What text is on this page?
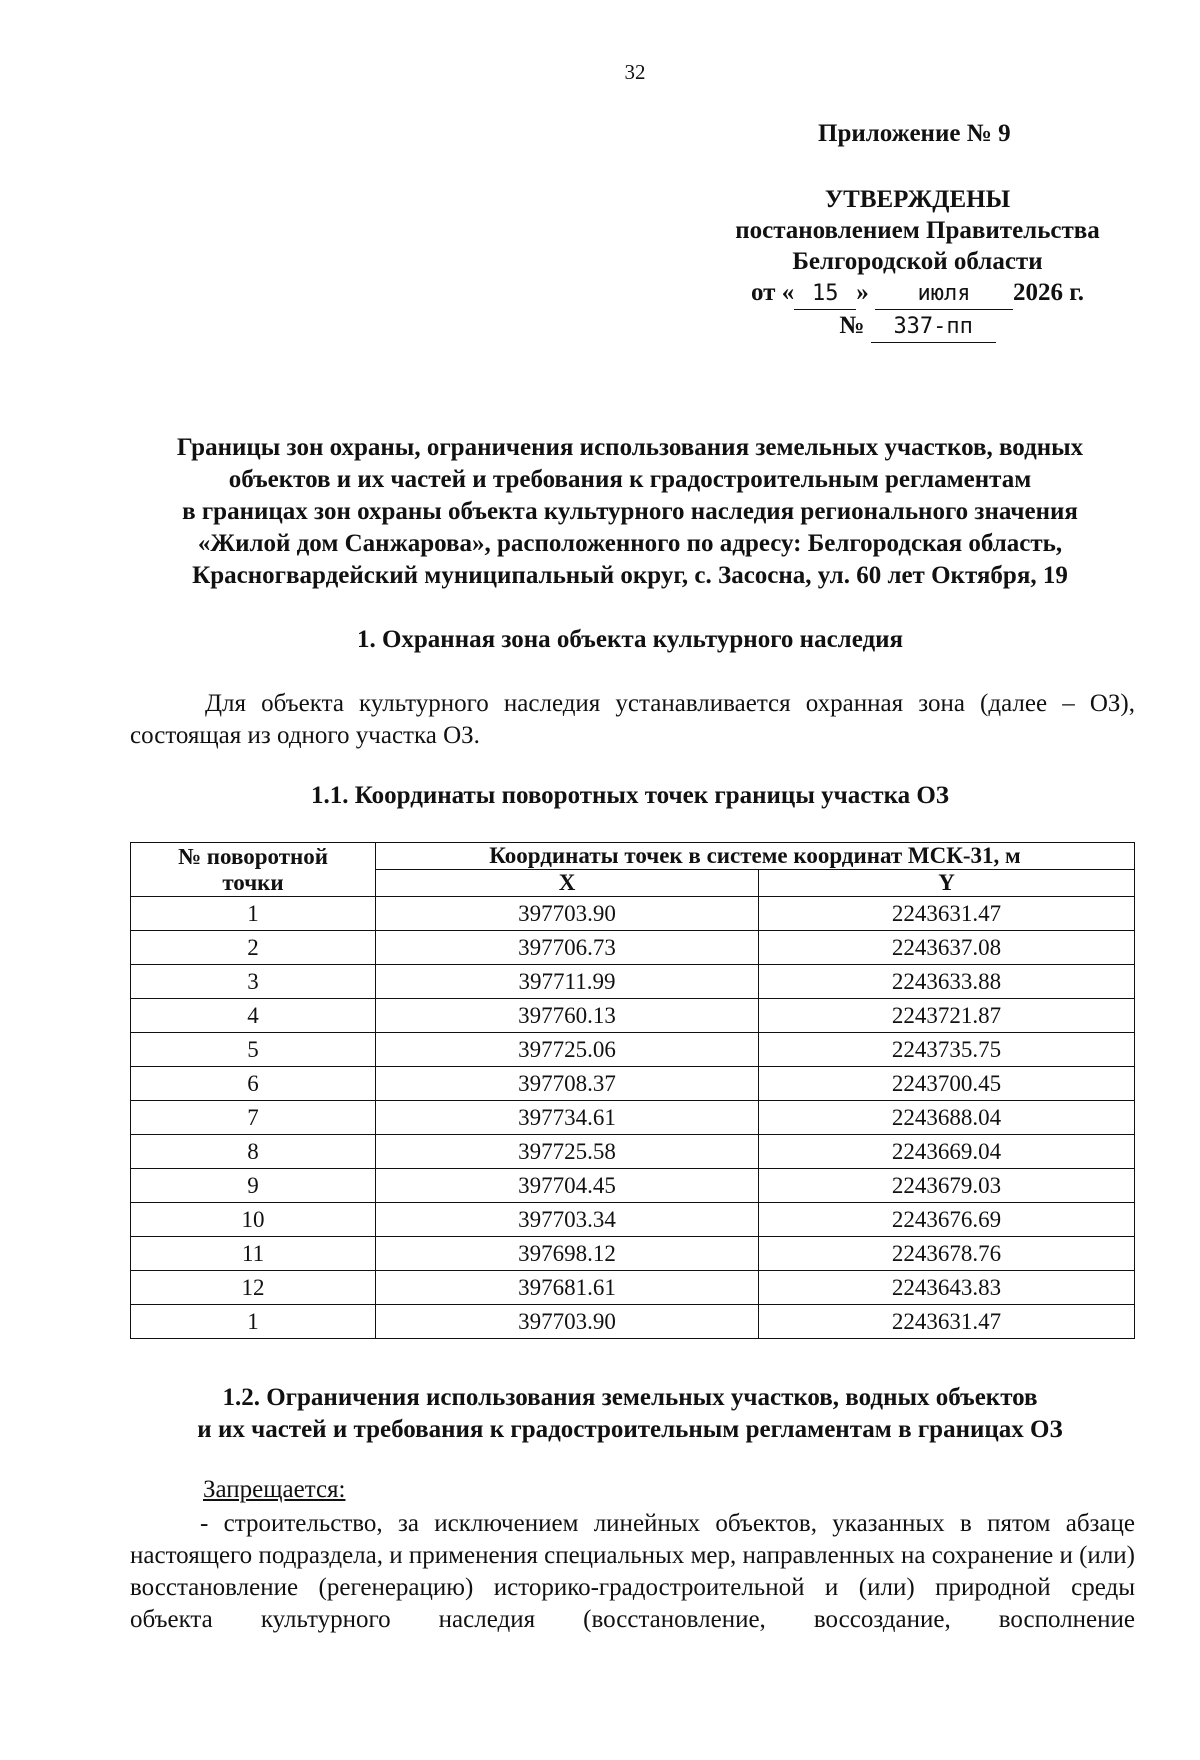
32
Приложение № 9
УТВЕРЖДЕНЫ
постановлением Правительства
Белгородской области
от « 15 » июля 2026 г.
№ 337-пп
Границы зон охраны, ограничения использования земельных участков, водных
объектов и их частей и требования к градостроительным регламентам
в границах зон охраны объекта культурного наследия регионального значения
«Жилой дом Санжарова», расположенного по адресу: Белгородская область,
Красногвардейский муниципальный округ, с. Засосна, ул. 60 лет Октября, 19
1. Охранная зона объекта культурного наследия
Для объекта культурного наследия устанавливается охранная зона (далее – ОЗ), состоящая из одного участка ОЗ.
1.1. Координаты поворотных точек границы участка ОЗ
№ поворотной
точки	Координаты точек в системе координат МСК-31, м	
	X	Y
1	397703.90	2243631.47
2	397706.73	2243637.08
3	397711.99	2243633.88
4	397760.13	2243721.87
5	397725.06	2243735.75
6	397708.37	2243700.45
7	397734.61	2243688.04
8	397725.58	2243669.04
9	397704.45	2243679.03
10	397703.34	2243676.69
11	397698.12	2243678.76
12	397681.61	2243643.83
1	397703.90	2243631.47
1.2. Ограничения использования земельных участков, водных объектов
и их частей и требования к градостроительным регламентам в границах ОЗ
Запрещается:
- строительство, за исключением линейных объектов, указанных в пятом абзаце настоящего подраздела, и применения специальных мер, направленных на сохранение и (или) восстановление (регенерацию) историко-градостроительной и (или) природной среды объекта культурного наследия (восстановление, воссоздание, восполнение
